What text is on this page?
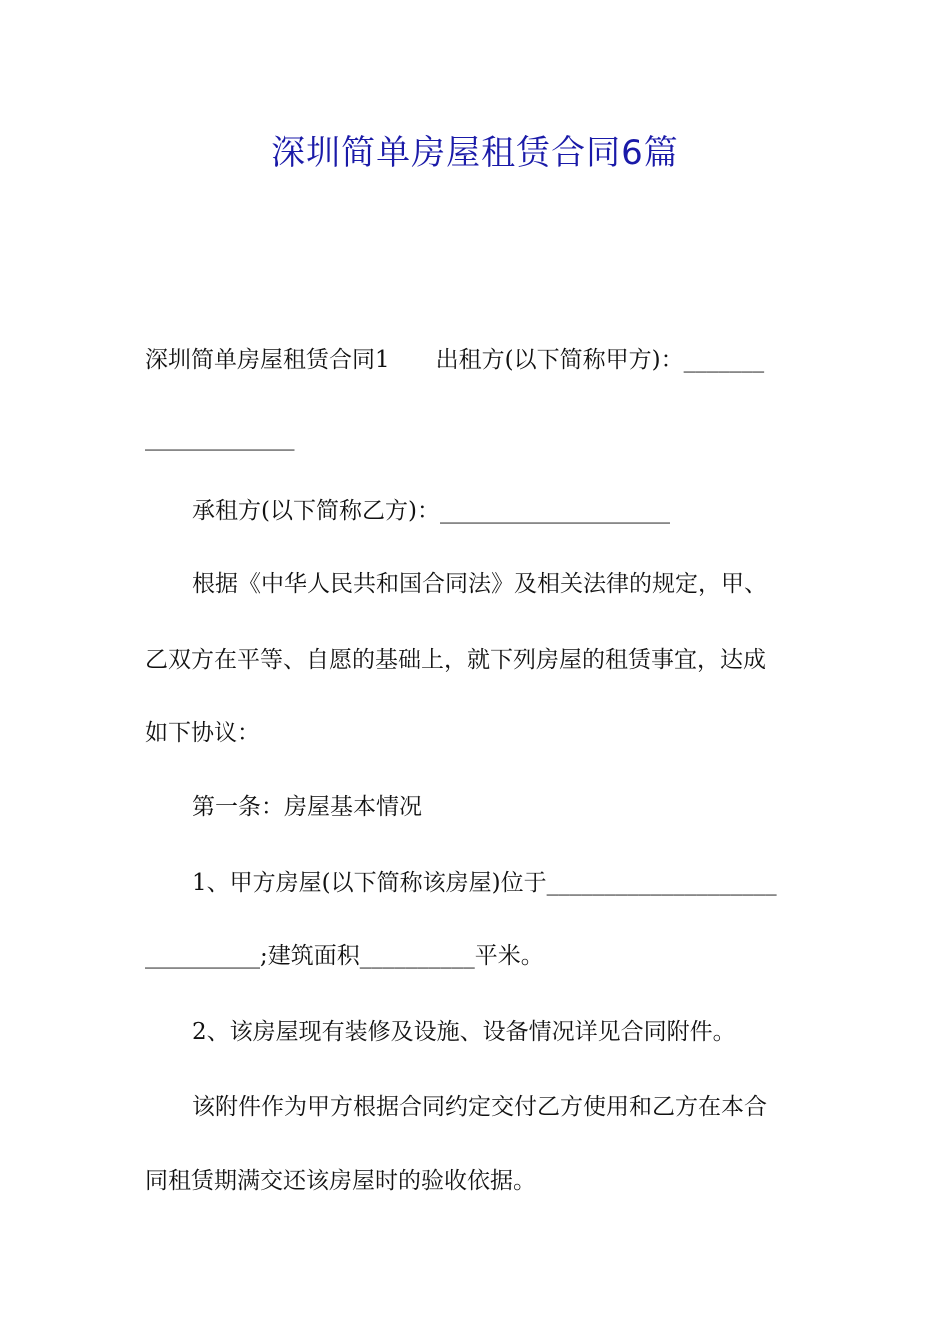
深圳简单房屋租赁合同6篇
深圳简单房屋租赁合同1　　出租方(以下简称甲方)：_______
_____________
承租方(以下简称乙方)：____________________
根据《中华人民共和国合同法》及相关法律的规定，甲、
乙双方在平等、自愿的基础上，就下列房屋的租赁事宜，达成
如下协议：
第一条：房屋基本情况
1、甲方房屋(以下简称该房屋)位于____________________
__________;建筑面积__________平米。
2、该房屋现有装修及设施、设备情况详见合同附件。
该附件作为甲方根据合同约定交付乙方使用和乙方在本合
同租赁期满交还该房屋时的验收依据。
